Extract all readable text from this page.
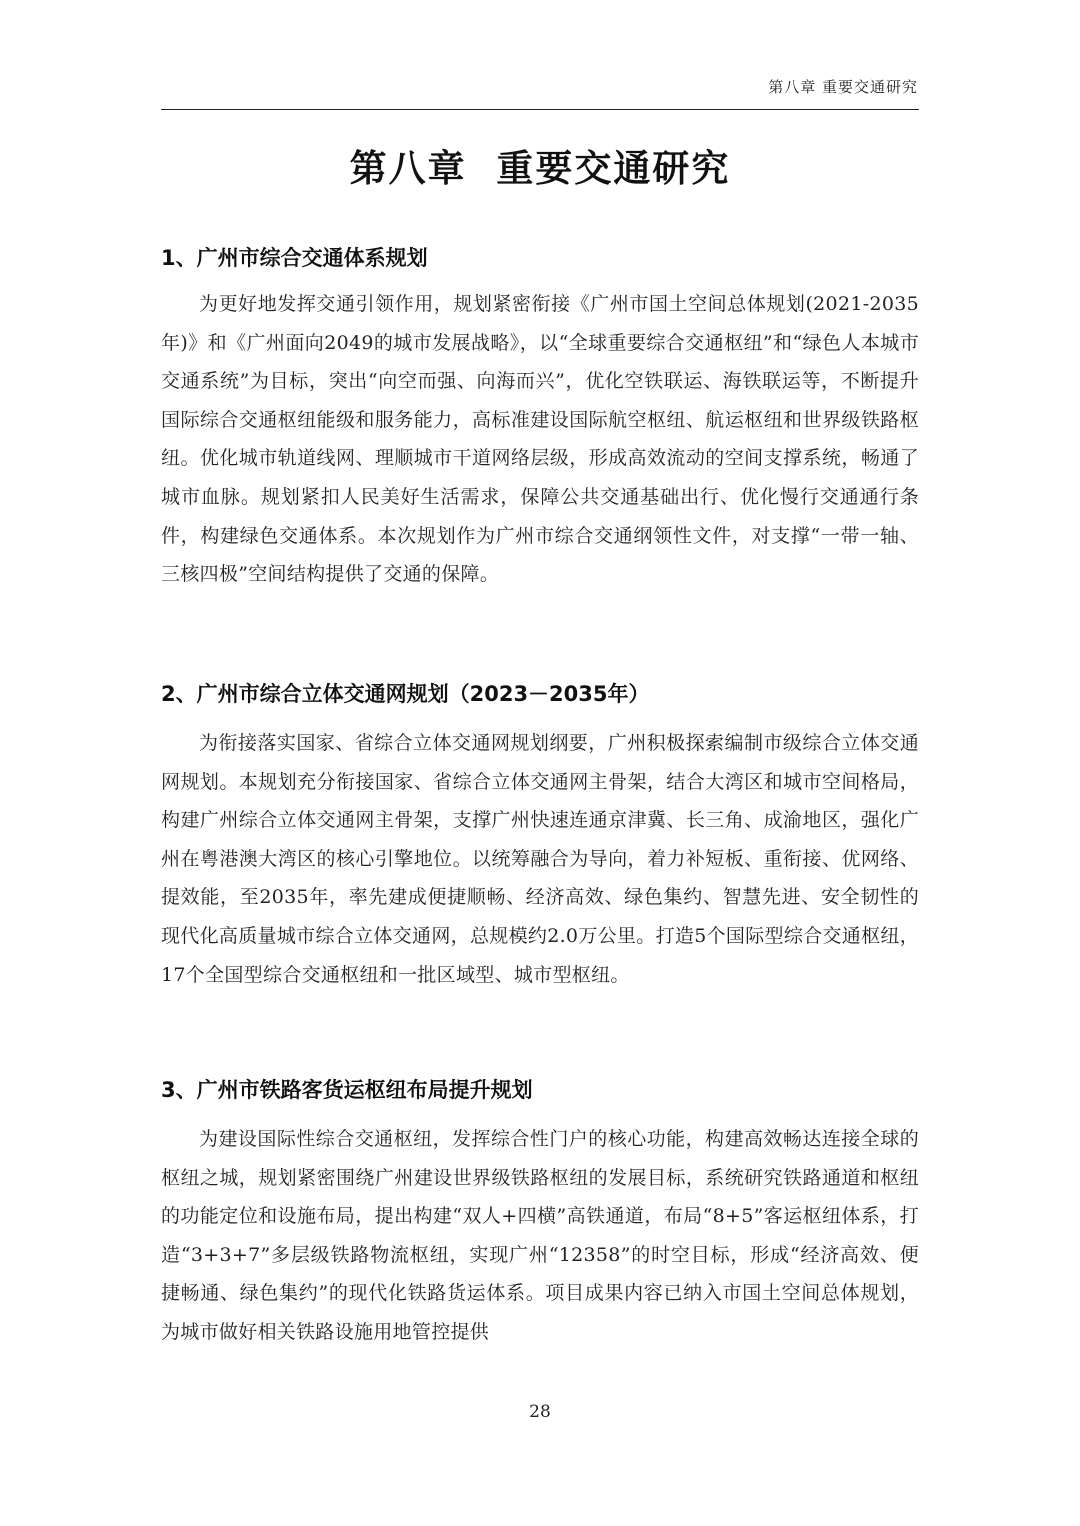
第八章 重要交通研究
第八章  重要交通研究
1、广州市综合交通体系规划

为更好地发挥交通引领作用，规划紧密衔接《广州市国土空间总体规划(2021-2035年)》和《广州面向2049的城市发展战略》，以“全球重要综合交通枢纽”和“绿色人本城市交通系统”为目标，突出“向空而强、向海而兴”，优化空铁联运、海铁联运等，不断提升国际综合交通枢纽能级和服务能力，高标准建设国际航空枢纽、航运枢纽和世界级铁路枢纽。优化城市轨道线网、理顺城市干道网络层级，形成高效流动的空间支撑系统，畅通了城市血脉。规划紧扣人民美好生活需求，保障公共交通基础出行、优化慢行交通通行条件，构建绿色交通体系。本次规划作为广州市综合交通纲领性文件，对支撑“一带一轴、三核四极”空间结构提供了交通的保障。

2、广州市综合立体交通网规划（2023－2035年）

为衔接落实国家、省综合立体交通网规划纲要，广州积极探索编制市级综合立体交通网规划。本规划充分衔接国家、省综合立体交通网主骨架，结合大湾区和城市空间格局，构建广州综合立体交通网主骨架，支撑广州快速连通京津冀、长三角、成渝地区，强化广州在粤港澳大湾区的核心引擎地位。以统筹融合为导向，着力补短板、重衔接、优网络、提效能，至2035年，率先建成便捷顺畅、经济高效、绿色集约、智慧先进、安全韧性的现代化高质量城市综合立体交通网，总规模约2.0万公里。打造5个国际型综合交通枢纽，17个全国型综合交通枢纽和一批区域型、城市型枢纽。

3、广州市铁路客货运枢纽布局提升规划

为建设国际性综合交通枢纽，发挥综合性门户的核心功能，构建高效畅达连接全球的枢纽之城，规划紧密围绕广州建设世界级铁路枢纽的发展目标，系统研究铁路通道和枢纽的功能定位和设施布局，提出构建“双人+四横”高铁通道，布局“8+5”客运枢纽体系，打造“3+3+7”多层级铁路物流枢纽，实现广州“12358”的时空目标，形成“经济高效、便捷畅通、绿色集约”的现代化铁路货运体系。项目成果内容已纳入市国土空间总体规划，为城市做好相关铁路设施用地管控提供

28
